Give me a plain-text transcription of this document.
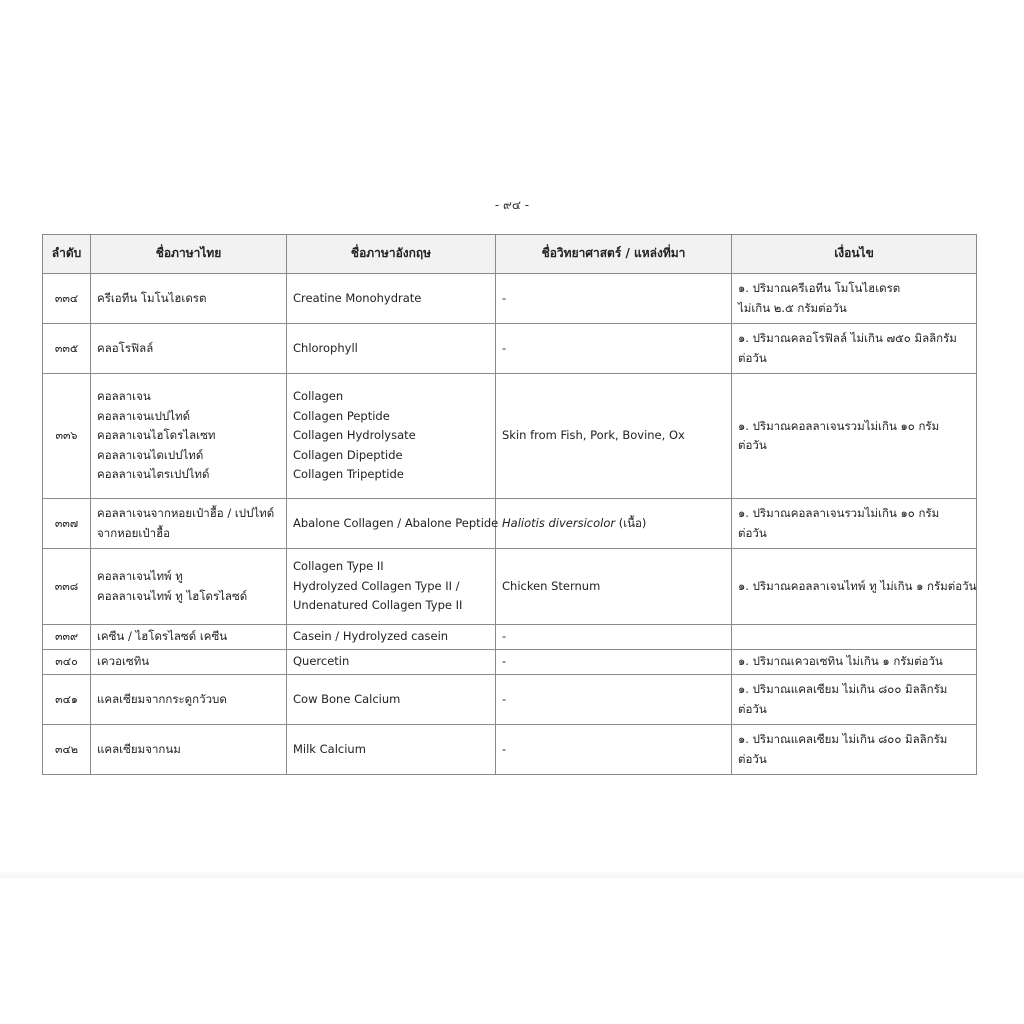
- ๙๔ -
ลำดับ	ชื่อภาษาไทย	ชื่อภาษาอังกฤษ	ชื่อวิทยาศาสตร์ / แหล่งที่มา	เงื่อนไข
๓๓๔	ครีเอทีน โมโนไฮเดรต	Creatine Monohydrate	-	๑. ปริมาณครีเอทีน โมโนไฮเดรต
ไม่เกิน ๒.๕ กรัมต่อวัน

๓๓๕	คลอโรฟิลล์	Chlorophyll	-	๑. ปริมาณคลอโรฟิลล์ ไม่เกิน ๗๕๐ มิลลิกรัม
ต่อวัน

๓๓๖	คอลลาเจน
คอลลาเจนเปปไทด์
คอลลาเจนไฮโดรไลเซท
คอลลาเจนไดเปปไทด์
คอลลาเจนไตรเปปไทด์	Collagen
Collagen Peptide
Collagen Hydrolysate
Collagen Dipeptide
Collagen Tripeptide	Skin from Fish, Pork, Bovine, Ox	๑. ปริมาณคอลลาเจนรวมไม่เกิน ๑๐ กรัม
ต่อวัน

๓๓๗	คอลลาเจนจากหอยเป๋าฮื้อ / เปปไทด์
จากหอยเป๋าฮื้อ	Abalone Collagen / Abalone Peptide	Haliotis diversicolor (เนื้อ)	๑. ปริมาณคอลลาเจนรวมไม่เกิน ๑๐ กรัม
ต่อวัน

๓๓๘	คอลลาเจนไทพ์ ทู
คอลลาเจนไทพ์ ทู ไฮโดรไลซด์	Collagen Type II
Hydrolyzed Collagen Type II /
Undenatured Collagen Type II	Chicken Sternum	๑. ปริมาณคอลลาเจนไทพ์ ทู ไม่เกิน ๑ กรัมต่อวัน

๓๓๙	เคซีน / ไฮโดรไลซด์ เคซีน	Casein / Hydrolyzed casein	-	
๓๔๐	เควอเซทิน	Quercetin	-	๑. ปริมาณเควอเซทิน ไม่เกิน ๑ กรัมต่อวัน

๓๔๑	แคลเซียมจากกระดูกวัวบด	Cow Bone Calcium	-	๑. ปริมาณแคลเซียม ไม่เกิน ๘๐๐ มิลลิกรัม
ต่อวัน

๓๔๒	แคลเซียมจากนม	Milk Calcium	-	๑. ปริมาณแคลเซียม ไม่เกิน ๘๐๐ มิลลิกรัม
ต่อวัน
